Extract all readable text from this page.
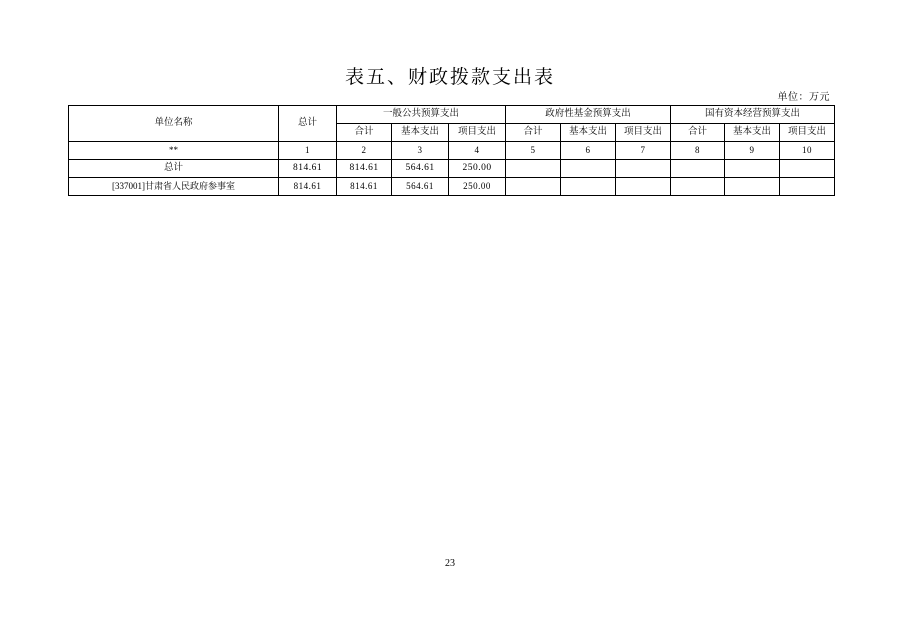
表五、财政拨款支出表
单位：万元
单位名称	总计	一般公共预算支出			政府性基金预算支出			国有资本经营预算支出		
		合计	基本支出	项目支出	合计	基本支出	项目支出	合计	基本支出	项目支出
**	1	2	3	4	5	6	7	8	9	10
总计	814.61	814.61	564.61	250.00						
[337001]甘肃省人民政府参事室	814.61	814.61	564.61	250.00						
23
